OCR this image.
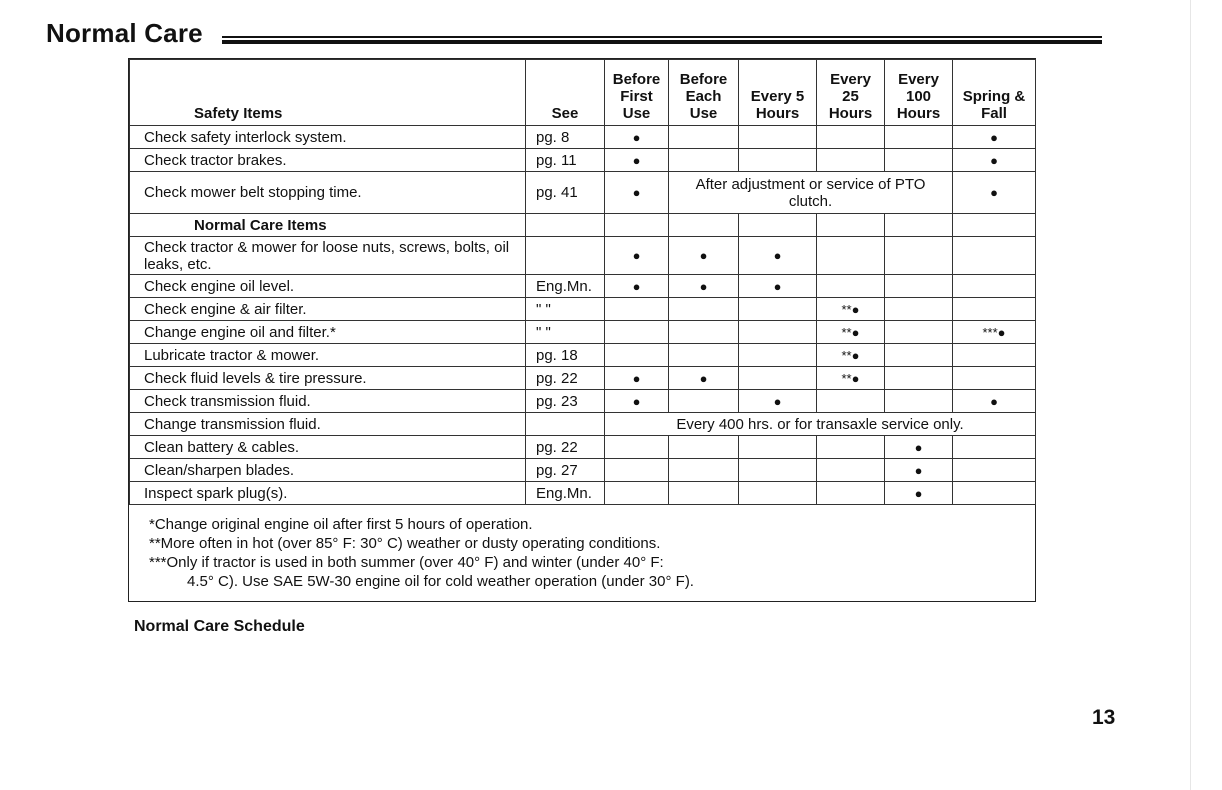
Normal Care
Safety Items	See	Before First Use	Before Each Use	Every 5 Hours	Every 25 Hours	Every 100 Hours	Spring & Fall
Check safety interlock system.	pg. 8	●					●
Check tractor brakes.	pg. 11	●					●
Check mower belt stopping time.	pg. 41	●	After adjustment or service of PTO clutch.				●
Normal Care Items							
Check tractor & mower for loose nuts, screws, bolts, oil leaks, etc.		●	●	●			
Check engine oil level.	Eng.Mn.	●	●	●			
Check engine & air filter.	" "				**●		
Change engine oil and filter.*	" "				**●		***●
Lubricate tractor & mower.	pg. 18				**●		
Check fluid levels & tire pressure.	pg. 22	●	●		**●		
Check transmission fluid.	pg. 23	●		●			●
Change transmission fluid.		Every 400 hrs. or for transaxle service only.					
Clean battery & cables.	pg. 22					●	
Clean/sharpen blades.	pg. 27					●	
Inspect spark plug(s).	Eng.Mn.					●	
*Change original engine oil after first 5 hours of operation.
**More often in hot (over 85° F: 30° C) weather or dusty operating conditions.
***Only if tractor is used in both summer (over 40° F) and winter (under 40° F:
4.5° C). Use SAE 5W-30 engine oil for cold weather operation (under 30° F).

Normal Care Schedule

13
